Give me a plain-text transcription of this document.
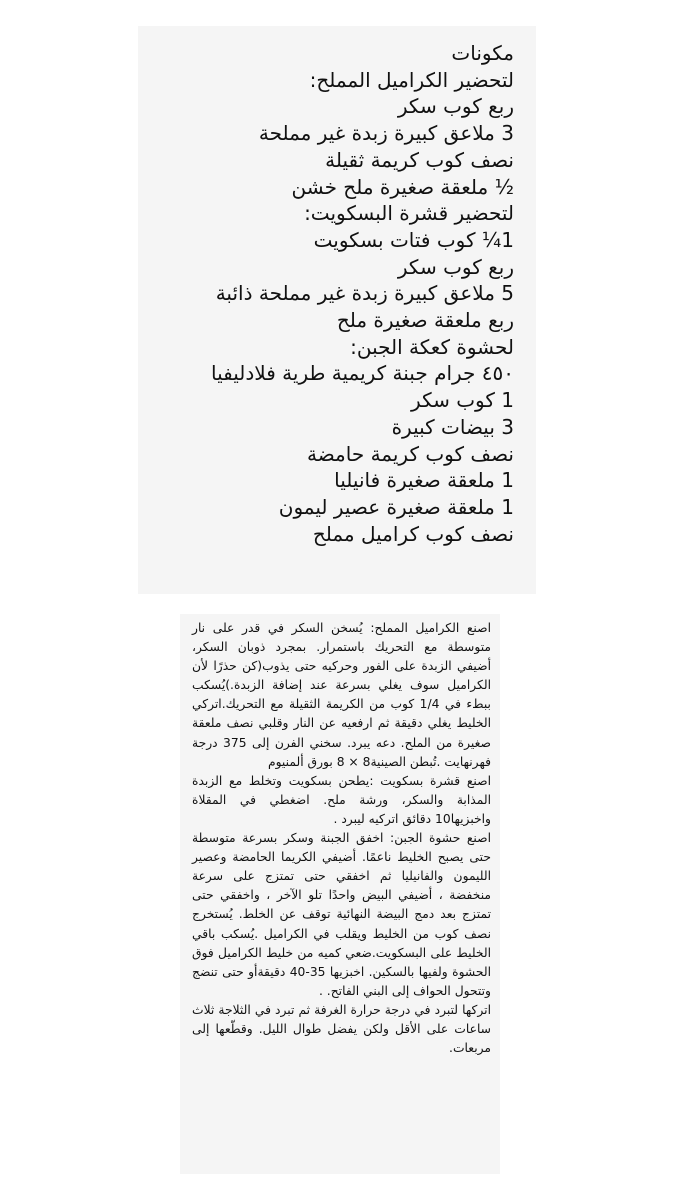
مكونات
لتحضير الكراميل المملح:
ربع كوب سكر
3 ملاعق كبيرة زبدة غير مملحة
نصف كوب كريمة ثقيلة
½ ملعقة صغيرة ملح خشن
لتحضير قشرة البسكويت:
1¼ كوب فتات بسكويت
ربع كوب سكر
5 ملاعق كبيرة زبدة غير مملحة ذائبة
ربع ملعقة صغيرة ملح
لحشوة كعكة الجبن:
٤٥٠ جرام جبنة كريمية طرية فلادليفيا
1 كوب سكر
3 بيضات كبيرة
نصف كوب كريمة حامضة
1 ملعقة صغيرة فانيليا
1 ملعقة صغيرة عصير ليمون
نصف كوب كراميل مملح

اصنع الكراميل المملح: يُسخن السكر في قدر على نار متوسطة مع التحريك باستمرار. بمجرد ذوبان السكر، أضيفي الزبدة على الفور وحركيه حتى يذوب(كن حذرًا لأن الكراميل سوف يغلي بسرعة عند إضافة الزبدة.)يُسكب ببطء في 1/4 كوب من الكريمة الثقيلة مع التحريك.اتركي الخليط يغلي دقيقة ثم ارفعيه عن النار وقلبي نصف ملعقة صغيرة من الملح. دعه يبرد. سخني الفرن إلى 375 درجة فهرنهايت .تُبطن الصينية8 × 8 بورق ألمنيوم

اصنع قشرة بسكويت :يطحن بسكويت وتخلط مع الزبدة المذابة والسكر، ورشة ملح. اضغطي في المقلاة واخبزيها10 دقائق اتركيه ليبرد .

اصنع حشوة الجبن: اخفق الجبنة وسكر بسرعة متوسطة حتى يصبح الخليط ناعمًا. أضيفي الكريما الحامضة وعصير الليمون والفانيليا ثم اخفقي حتى تمتزج على سرعة منخفضة ، أضيفي البيض واحدًا تلو الآخر ، واخفقي حتى تمتزج بعد دمج البيضة النهائية توقف عن الخلط. يُستخرج نصف كوب من الخليط ويقلب في الكراميل .يُسكب باقي الخليط على البسكويت.ضعي كميه من خليط الكراميل فوق الحشوة ولفيها بالسكين. اخبزيها 35-40 دقيقةأو حتى تنضج وتتحول الحواف إلى البني الفاتح. .

اتركها لتبرد في درجة حرارة الغرفة ثم تبرد في الثلاجة ثلاث ساعات على الأقل ولكن يفضل طوال الليل. وقطّعها إلى مربعات.
